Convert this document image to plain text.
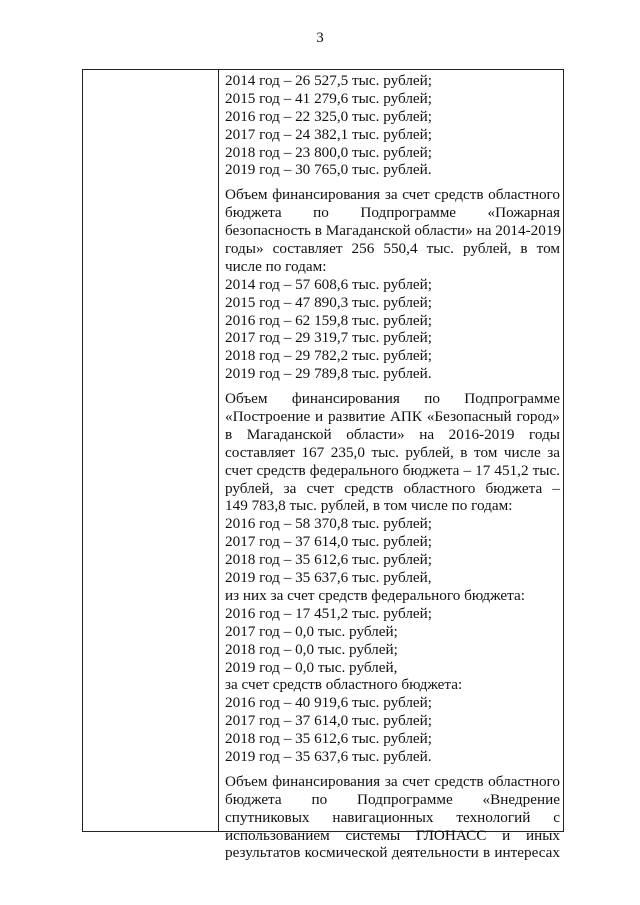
3
2014 год – 26 527,5 тыс. рублей;
2015 год – 41 279,6 тыс. рублей;
2016 год – 22 325,0 тыс. рублей;
2017 год – 24 382,1 тыс. рублей;
2018 год – 23 800,0 тыс. рублей;
2019 год – 30 765,0 тыс. рублей.
Объем финансирования за счет средств областного
бюджета по Подпрограмме «Пожарная
безопасность в Магаданской области» на 2014-2019
годы» составляет 256 550,4 тыс. рублей, в том
числе по годам:
2014 год – 57 608,6 тыс. рублей;
2015 год – 47 890,3 тыс. рублей;
2016 год – 62 159,8 тыс. рублей;
2017 год – 29 319,7 тыс. рублей;
2018 год – 29 782,2 тыс. рублей;
2019 год – 29 789,8 тыс. рублей.
Объем финансирования по Подпрограмме
«Построение и развитие АПК «Безопасный город»
в Магаданской области» на 2016-2019 годы
составляет 167 235,0 тыс. рублей, в том числе за
счет средств федерального бюджета – 17 451,2 тыс.
рублей, за счет средств областного бюджета –
149 783,8 тыс. рублей, в том числе по годам:
2016 год – 58 370,8 тыс. рублей;
2017 год – 37 614,0 тыс. рублей;
2018 год – 35 612,6 тыс. рублей;
2019 год – 35 637,6 тыс. рублей,
из них за счет средств федерального бюджета:
2016 год – 17 451,2 тыс. рублей;
2017 год – 0,0 тыс. рублей;
2018 год – 0,0 тыс. рублей;
2019 год – 0,0 тыс. рублей,
за счет средств областного бюджета:
2016 год – 40 919,6 тыс. рублей;
2017 год – 37 614,0 тыс. рублей;
2018 год – 35 612,6 тыс. рублей;
2019 год – 35 637,6 тыс. рублей.
Объем финансирования за счет средств областного
бюджета по Подпрограмме «Внедрение
спутниковых навигационных технологий с
использованием системы ГЛОНАСС и иных
результатов космической деятельности в интересах
